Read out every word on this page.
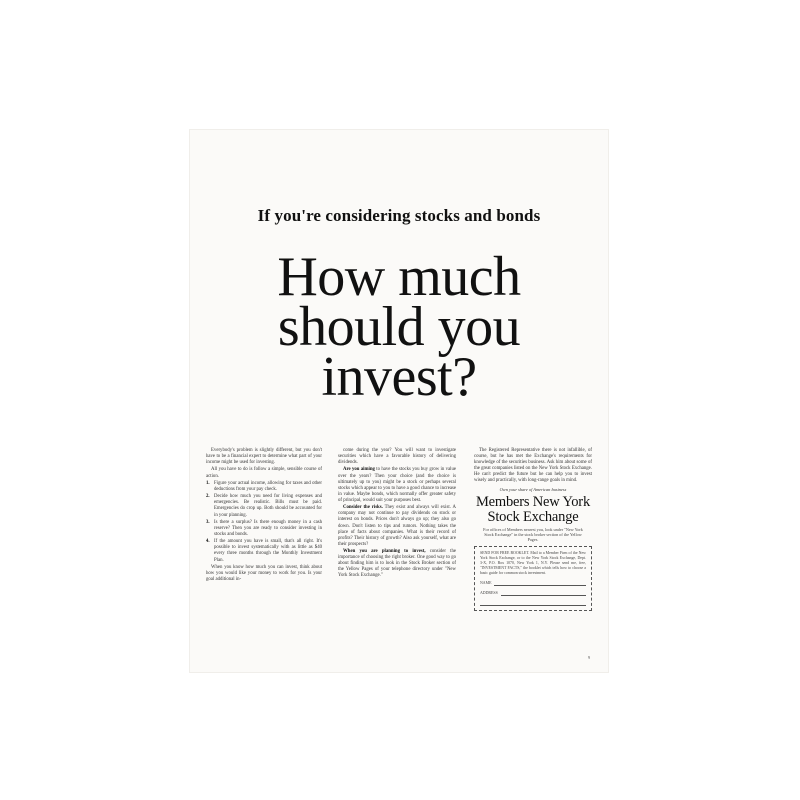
If you're considering stocks and bonds
How much
should you
invest?

Everybody's problem is slightly different, but you don't have to be a financial expert to determine what part of your income might be used for investing.

All you have to do is follow a simple, sensible course of action.

1. Figure your actual income, allowing for taxes and other deductions from your pay check.
2. Decide how much you need for living expenses and emergencies. Be realistic. Bills must be paid. Emergencies do crop up. Both should be accounted for in your planning.
3. Is there a surplus? Is there enough money in a cash reserve? Then you are ready to consider investing in stocks and bonds.
4. If the amount you have is small, that's all right. It's possible to invest systematically with as little as $40 every three months through the Monthly Investment Plan.

When you know how much you can invest, think about how you would like your money to work for you. Is your goal additional in-

come during the year? You will want to investigate securities which have a favorable history of delivering dividends.

Are you aiming to have the stocks you buy grow in value over the years? Then your choice (and the choice is ultimately up to you) might be a stock or perhaps several stocks which appear to you to have a good chance to increase in value. Maybe bonds, which normally offer greater safety of principal, would suit your purposes best.

Consider the risks. They exist and always will exist. A company may not continue to pay dividends on stock or interest on bonds. Prices don't always go up; they also go down. Don't listen to tips and rumors. Nothing takes the place of facts about companies. What is their record of profits? Their history of growth? Also ask yourself, what are their prospects?

When you are planning to invest, consider the importance of choosing the right broker. One good way to go about finding him is to look in the Stock Broker section of the Yellow Pages of your telephone directory under "New York Stock Exchange."

The Registered Representative there is not infallible, of course, but he has met the Exchange's requirements for knowledge of the securities business. Ask him about some of the great companies listed on the New York Stock Exchange. He can't predict the future but he can help you to invest wisely and practically, with long-range goals in mind.

Own your share of American business
Members New York
Stock Exchange
For offices of Members nearest you, look under "New York Stock Exchange" in the stock broker section of the Yellow Pages.
SEND FOR FREE BOOKLET. Mail to a Member Firm of the New York Stock Exchange, or to the New York Stock Exchange, Dept. 3-X, P.O. Box 1070, New York 1, N.Y. Please send me, free, "INVESTMENT FACTS," the booklet which tells how to choose a basic guide for common stock investment.
NAME
ADDRESS
9
